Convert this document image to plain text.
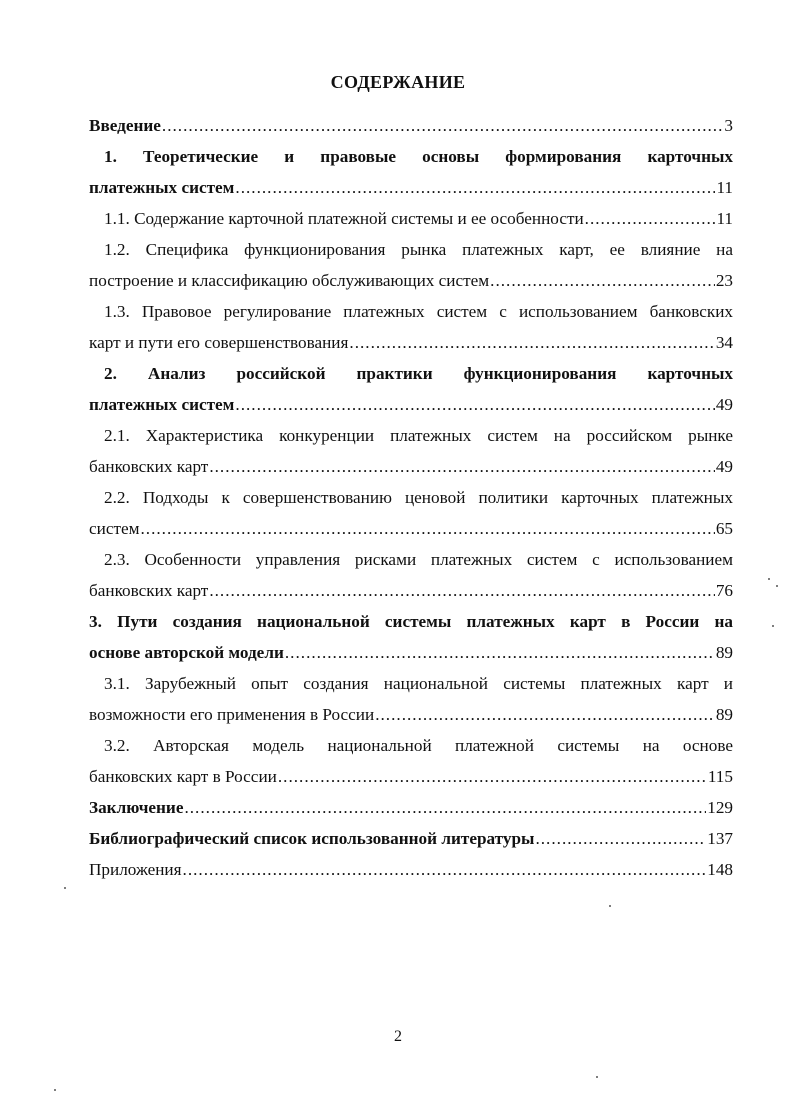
СОДЕРЖАНИЕ
Введение .....	3
1. Теоретические и правовые основы формирования карточных
платежных систем .....	11
1.1. Содержание карточной платежной системы и ее особенности .....	11
1.2. Специфика функционирования рынка платежных карт, ее влияние на
построение и классификацию обслуживающих систем .....	23
1.3. Правовое регулирование платежных систем с использованием банковских
карт и пути его совершенствования .....	34
2. Анализ российской практики функционирования карточных
платежных систем .....	49
2.1. Характеристика конкуренции платежных систем на российском рынке
банковских карт .....	49
2.2. Подходы к совершенствованию ценовой политики карточных платежных
систем .....	65
2.3. Особенности управления рисками платежных систем с использованием
банковских карт .....	76
3. Пути создания национальной системы платежных карт в России на
основе авторской модели .....	89
3.1. Зарубежный опыт создания национальной системы платежных карт и
возможности его применения в России .....	89
3.2. Авторская модель национальной платежной системы на основе
банковских карт в России .....	115
Заключение .....	129
Библиографический список использованной литературы .....	137
Приложения .....	148
2
